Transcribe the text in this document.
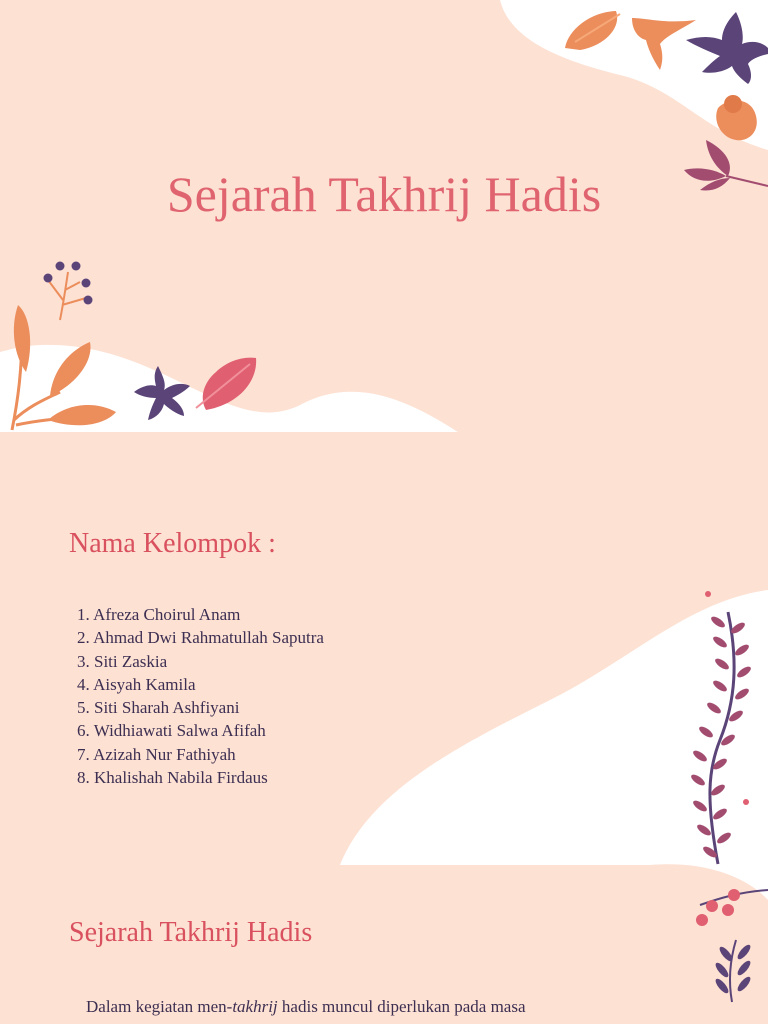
Sejarah Takhrij Hadis
Nama Kelompok :
1. Afreza Choirul Anam
2. Ahmad Dwi Rahmatullah Saputra
3. Siti Zaskia
4. Aisyah Kamila
5. Siti Sharah Ashfiyani
6. Widhiawati Salwa Afifah
7. Azizah Nur Fathiyah
8. Khalishah Nabila Firdaus
Sejarah Takhrij Hadis
Dalam kegiatan men-takhrij hadis muncul diperlukan pada masa
